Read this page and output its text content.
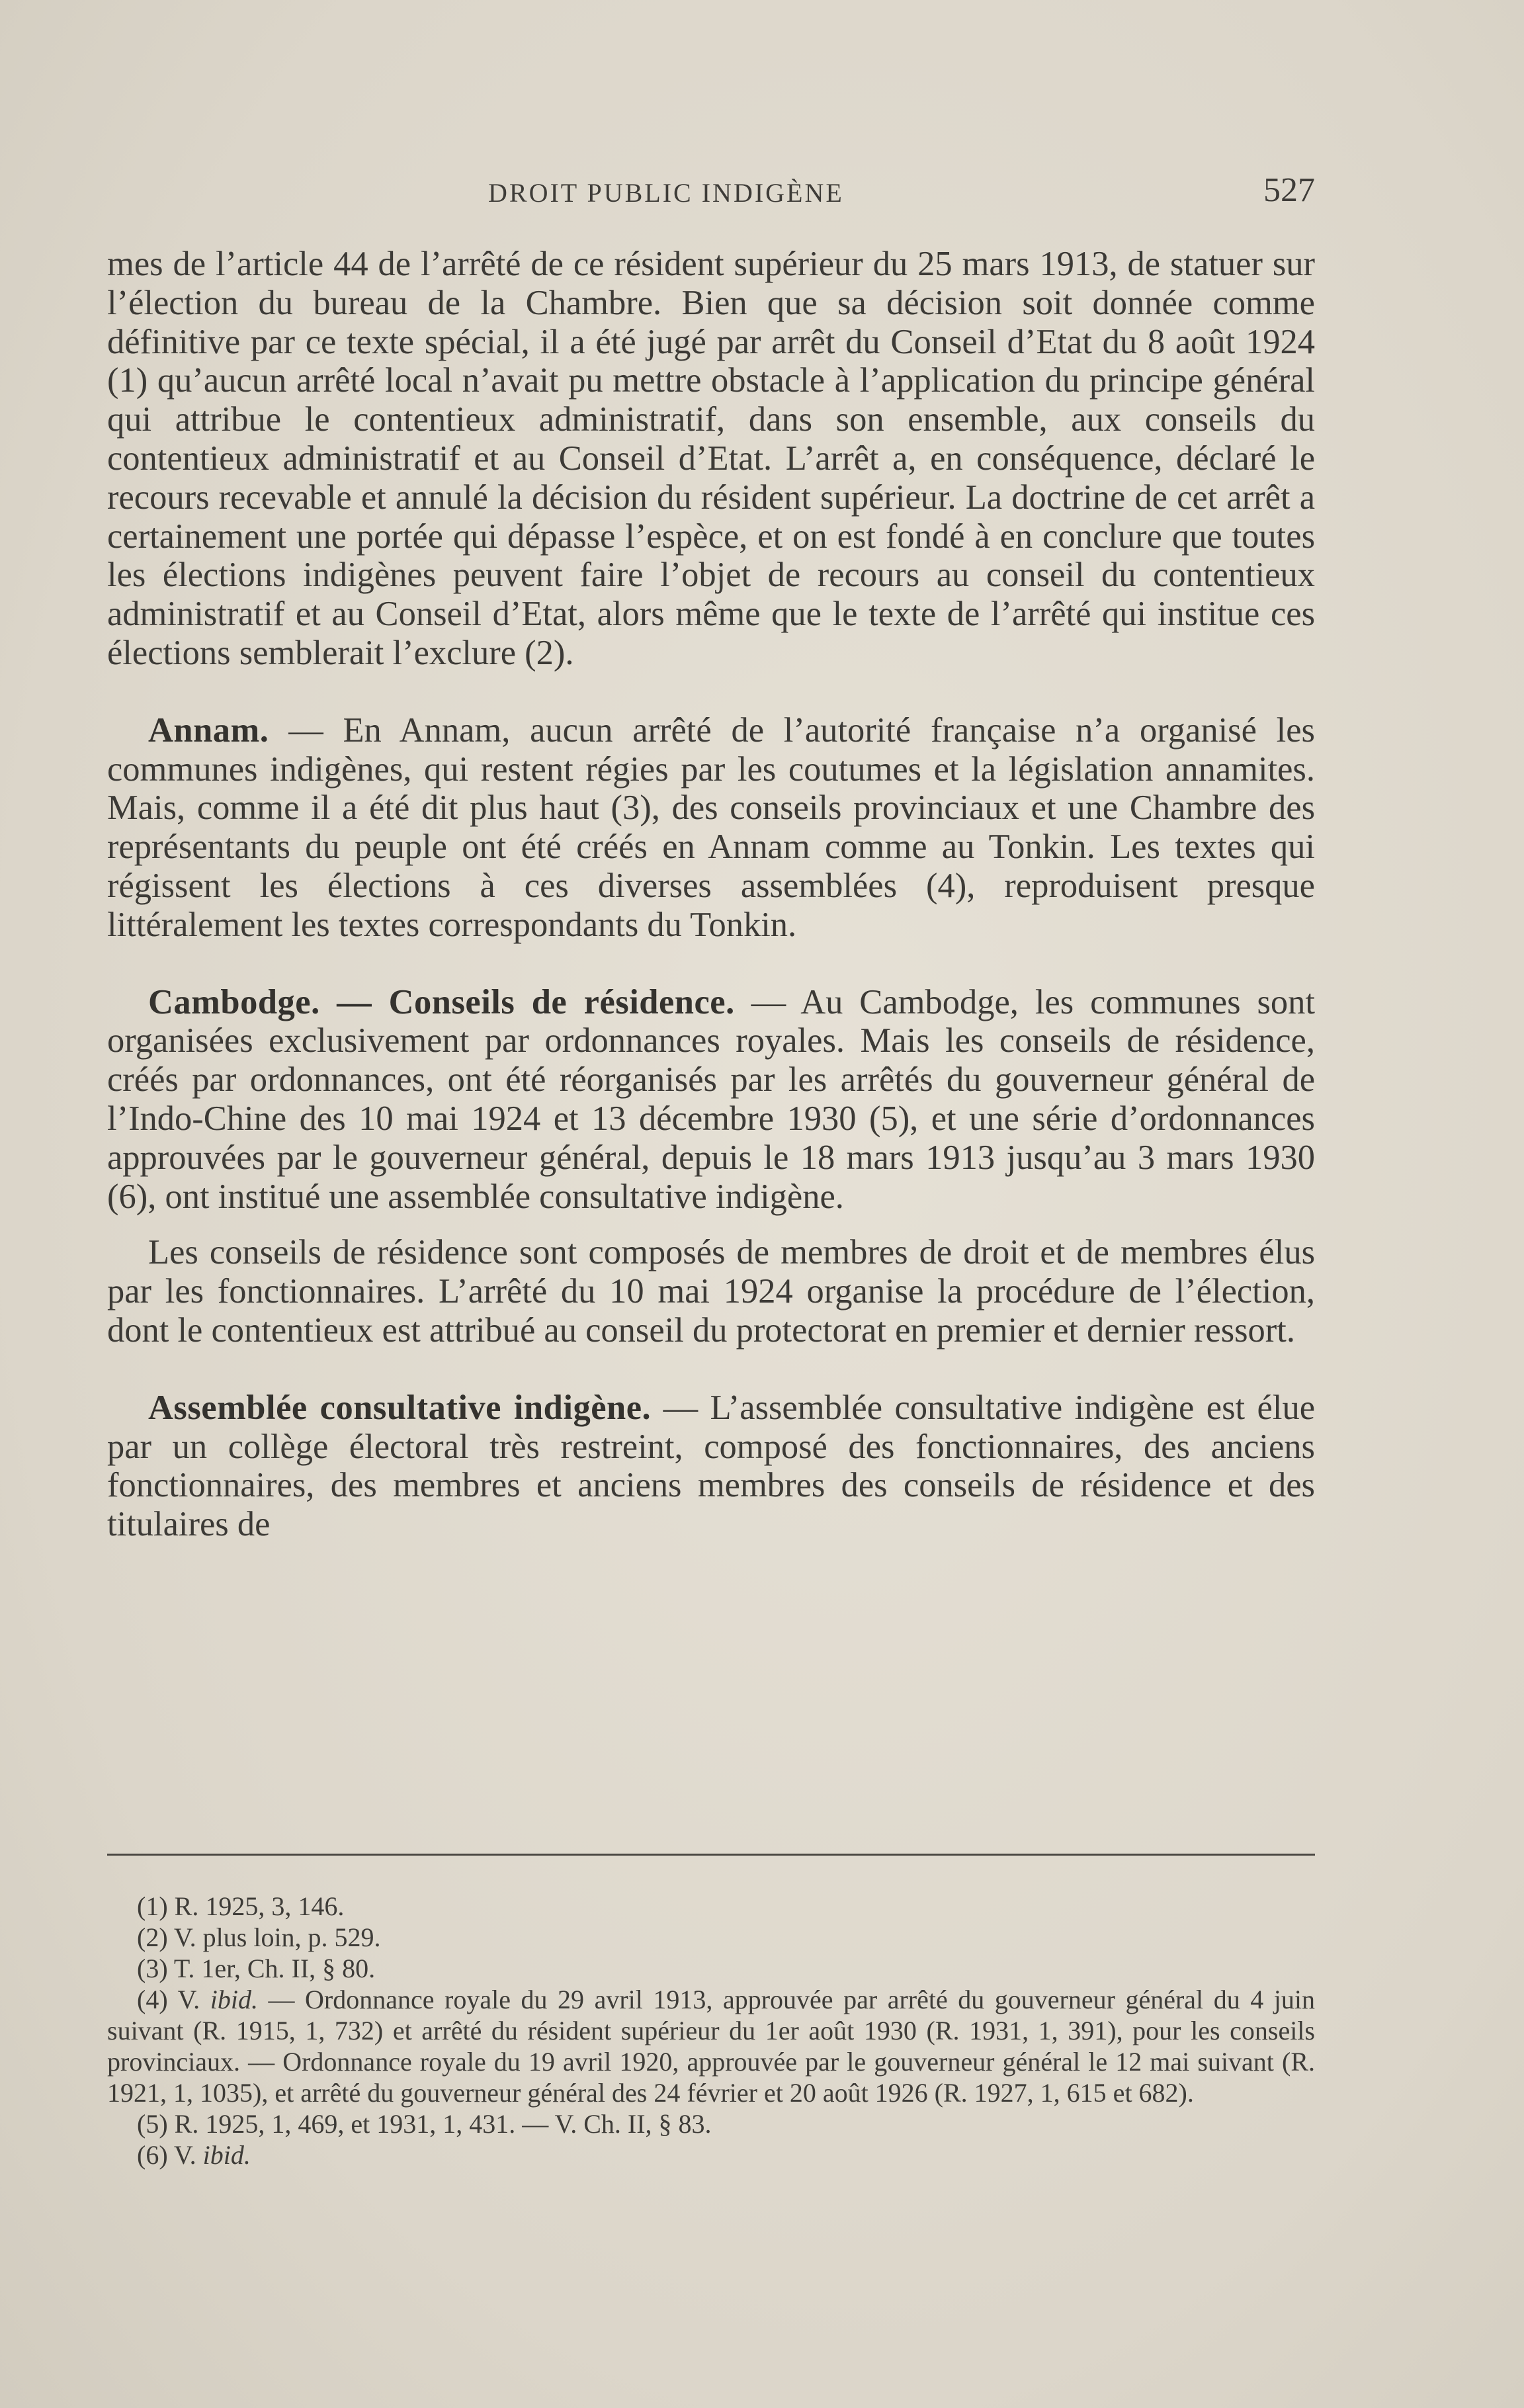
DROIT PUBLIC INDIGÈNE	527

mes de l’article 44 de l’arrêté de ce résident supérieur du 25 mars 1913, de statuer sur l’élection du bureau de la Chambre. Bien que sa décision soit donnée comme définitive par ce texte spécial, il a été jugé par arrêt du Conseil d’Etat du 8 août 1924 (1) qu’aucun arrêté local n’avait pu mettre obstacle à l’application du principe général qui attribue le contentieux administratif, dans son ensemble, aux conseils du contentieux administratif et au Conseil d’Etat. L’arrêt a, en conséquence, déclaré le recours recevable et annulé la décision du résident supérieur. La doctrine de cet arrêt a certainement une portée qui dépasse l’espèce, et on est fondé à en conclure que toutes les élections indigènes peuvent faire l’objet de recours au conseil du contentieux administratif et au Conseil d’Etat, alors même que le texte de l’arrêté qui institue ces élections semblerait l’exclure (2).

Annam. — En Annam, aucun arrêté de l’autorité française n’a organisé les communes indigènes, qui restent régies par les coutumes et la législation annamites. Mais, comme il a été dit plus haut (3), des conseils provinciaux et une Chambre des représentants du peuple ont été créés en Annam comme au Tonkin. Les textes qui régissent les élections à ces diverses assemblées (4), reproduisent presque littéralement les textes correspondants du Tonkin.

Cambodge. — Conseils de résidence. — Au Cambodge, les communes sont organisées exclusivement par ordonnances royales. Mais les conseils de résidence, créés par ordonnances, ont été réorganisés par les arrêtés du gouverneur général de l’Indo-Chine des 10 mai 1924 et 13 décembre 1930 (5), et une série d’ordonnances approuvées par le gouverneur général, depuis le 18 mars 1913 jusqu’au 3 mars 1930 (6), ont institué une assemblée consultative indigène.

Les conseils de résidence sont composés de membres de droit et de membres élus par les fonctionnaires. L’arrêté du 10 mai 1924 organise la procédure de l’élection, dont le contentieux est attribué au conseil du protectorat en premier et dernier ressort.

Assemblée consultative indigène. — L’assemblée consultative indigène est élue par un collège électoral très restreint, composé des fonctionnaires, des anciens fonctionnaires, des membres et anciens membres des conseils de résidence et des titulaires de

(1) R. 1925, 3, 146.

(2) V. plus loin, p. 529.

(3) T. 1er, Ch. II, § 80.

(4) V. ibid. — Ordonnance royale du 29 avril 1913, approuvée par arrêté du gouverneur général du 4 juin suivant (R. 1915, 1, 732) et arrêté du résident supérieur du 1er août 1930 (R. 1931, 1, 391), pour les conseils provinciaux. — Ordonnance royale du 19 avril 1920, approuvée par le gouverneur général le 12 mai suivant (R. 1921, 1, 1035), et arrêté du gouverneur général des 24 février et 20 août 1926 (R. 1927, 1, 615 et 682).

(5) R. 1925, 1, 469, et 1931, 1, 431. — V. Ch. II, § 83.

(6) V. ibid.
